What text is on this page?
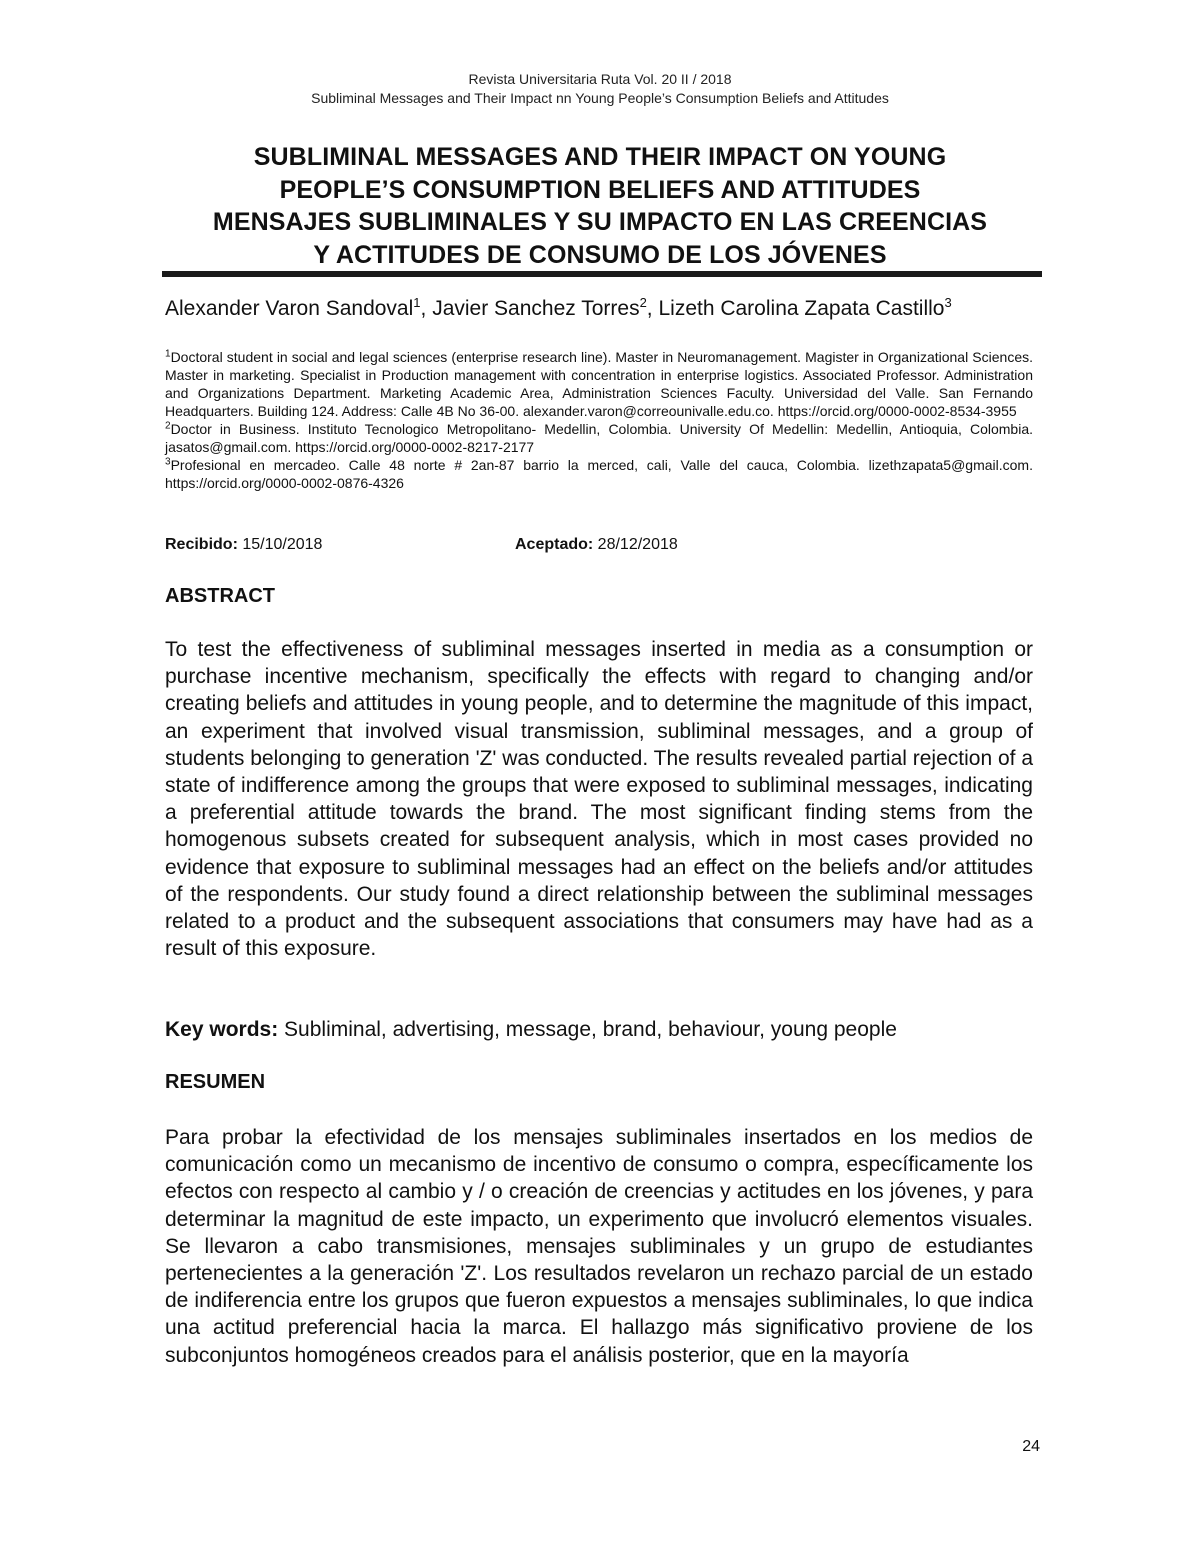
Revista Universitaria Ruta Vol. 20 II / 2018
Subliminal Messages and Their Impact nn Young People’s Consumption Beliefs and Attitudes
SUBLIMINAL MESSAGES AND THEIR IMPACT ON YOUNG
PEOPLE’S CONSUMPTION BELIEFS AND ATTITUDES
MENSAJES SUBLIMINALES Y SU IMPACTO EN LAS CREENCIAS
Y ACTITUDES DE CONSUMO DE LOS JÓVENES
Alexander Varon Sandoval$^1$, Javier Sanchez Torres$^2$, Lizeth Carolina Zapata Castillo$^3$

$^1$Doctoral student in social and legal sciences (enterprise research line). Master in Neuromanagement. Magister in Organizational Sciences. Master in marketing. Specialist in Production management with concentration in enterprise logistics. Associated Professor. Administration and Organizations Department. Marketing Academic Area, Administration Sciences Faculty. Universidad del Valle. San Fernando Headquarters. Building 124. Address: Calle 4B No 36-00. alexander.varon@correounivalle.edu.co. https://orcid.org/0000-0002-8534-3955

$^2$Doctor in Business. Instituto Tecnologico Metropolitano- Medellin, Colombia. University Of Medellin: Medellin, Antioquia, Colombia. jasatos@gmail.com. https://orcid.org/0000-0002-8217-2177

$^3$Profesional en mercadeo. Calle 48 norte # 2an-87 barrio la merced, cali, Valle del cauca, Colombia. lizethzapata5@gmail.com. https://orcid.org/0000-0002-0876-4326

Recibido: 15/10/2018	Aceptado: 28/12/2018
ABSTRACT

To test the effectiveness of subliminal messages inserted in media as a consumption or purchase incentive mechanism, specifically the effects with regard to changing and/or creating beliefs and attitudes in young people, and to determine the magnitude of this impact, an experiment that involved visual transmission, subliminal messages, and a group of students belonging to generation 'Z' was conducted. The results revealed partial rejection of a state of indifference among the groups that were exposed to subliminal messages, indicating a preferential attitude towards the brand. The most significant finding stems from the homogenous subsets created for subsequent analysis, which in most cases provided no evidence that exposure to subliminal messages had an effect on the beliefs and/or attitudes of the respondents. Our study found a direct relationship between the subliminal messages related to a product and the subsequent associations that consumers may have had as a result of this exposure.

Key words: Subliminal, advertising, message, brand, behaviour, young people
RESUMEN

Para probar la efectividad de los mensajes subliminales insertados en los medios de comunicación como un mecanismo de incentivo de consumo o compra, específicamente los efectos con respecto al cambio y / o creación de creencias y actitudes en los jóvenes, y para determinar la magnitud de este impacto, un experimento que involucró elementos visuales. Se llevaron a cabo transmisiones, mensajes subliminales y un grupo de estudiantes pertenecientes a la generación 'Z'. Los resultados revelaron un rechazo parcial de un estado de indiferencia entre los grupos que fueron expuestos a mensajes subliminales, lo que indica una actitud preferencial hacia la marca. El hallazgo más significativo proviene de los subconjuntos homogéneos creados para el análisis posterior, que en la mayoría

24
